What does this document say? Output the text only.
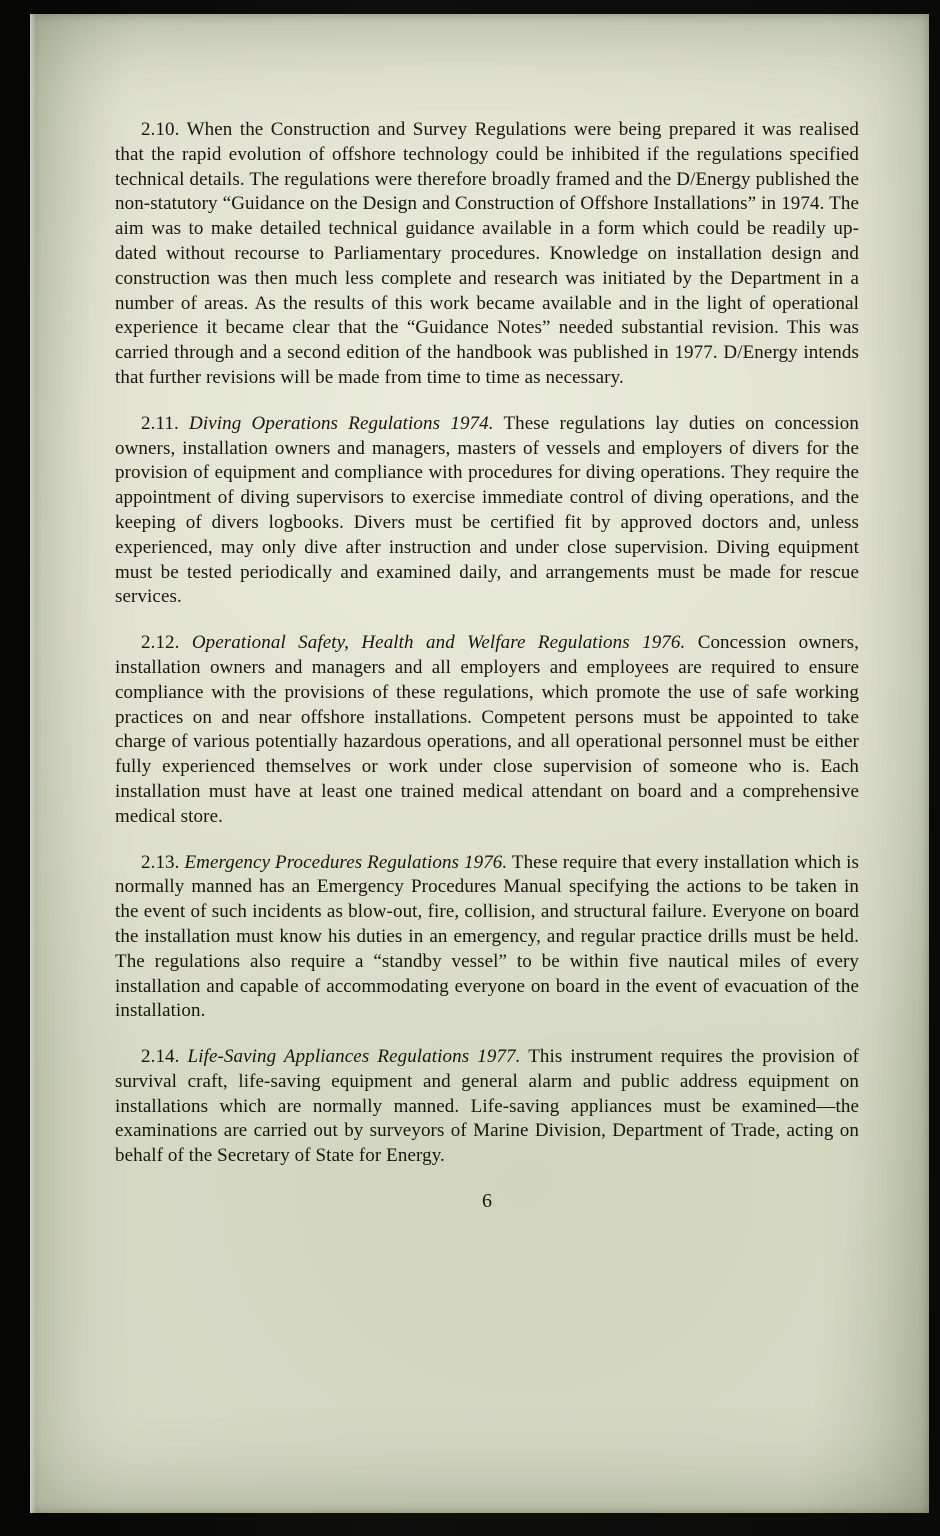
2.10. When the Construction and Survey Regulations were being prepared it was realised that the rapid evolution of offshore technology could be inhibited if the regulations specified technical details. The regulations were therefore broadly framed and the D/Energy published the non-statutory “Guidance on the Design and Construction of Offshore Installations” in 1974. The aim was to make detailed technical guidance available in a form which could be readily up-dated without recourse to Parliamentary procedures. Knowledge on installation design and construction was then much less complete and research was initiated by the Department in a number of areas. As the results of this work became available and in the light of operational experience it became clear that the “Guidance Notes” needed substantial revision. This was carried through and a second edition of the handbook was published in 1977. D/Energy intends that further revisions will be made from time to time as necessary.

2.11. Diving Operations Regulations 1974. These regulations lay duties on concession owners, installation owners and managers, masters of vessels and employers of divers for the provision of equipment and compliance with procedures for diving operations. They require the appointment of diving supervisors to exercise immediate control of diving operations, and the keeping of divers logbooks. Divers must be certified fit by approved doctors and, unless experienced, may only dive after instruction and under close supervision. Diving equipment must be tested periodically and examined daily, and arrangements must be made for rescue services.

2.12. Operational Safety, Health and Welfare Regulations 1976. Concession owners, installation owners and managers and all employers and employees are required to ensure compliance with the provisions of these regulations, which promote the use of safe working practices on and near offshore installations. Competent persons must be appointed to take charge of various potentially hazardous operations, and all operational personnel must be either fully experienced themselves or work under close supervision of someone who is. Each installation must have at least one trained medical attendant on board and a comprehensive medical store.

2.13. Emergency Procedures Regulations 1976. These require that every installation which is normally manned has an Emergency Procedures Manual specifying the actions to be taken in the event of such incidents as blow-out, fire, collision, and structural failure. Everyone on board the installation must know his duties in an emergency, and regular practice drills must be held. The regulations also require a “standby vessel” to be within five nautical miles of every installation and capable of accommodating everyone on board in the event of evacuation of the installation.

2.14. Life-Saving Appliances Regulations 1977. This instrument requires the provision of survival craft, life-saving equipment and general alarm and public address equipment on installations which are normally manned. Life-saving appliances must be examined—the examinations are carried out by surveyors of Marine Division, Department of Trade, acting on behalf of the Secretary of State for Energy.

6
